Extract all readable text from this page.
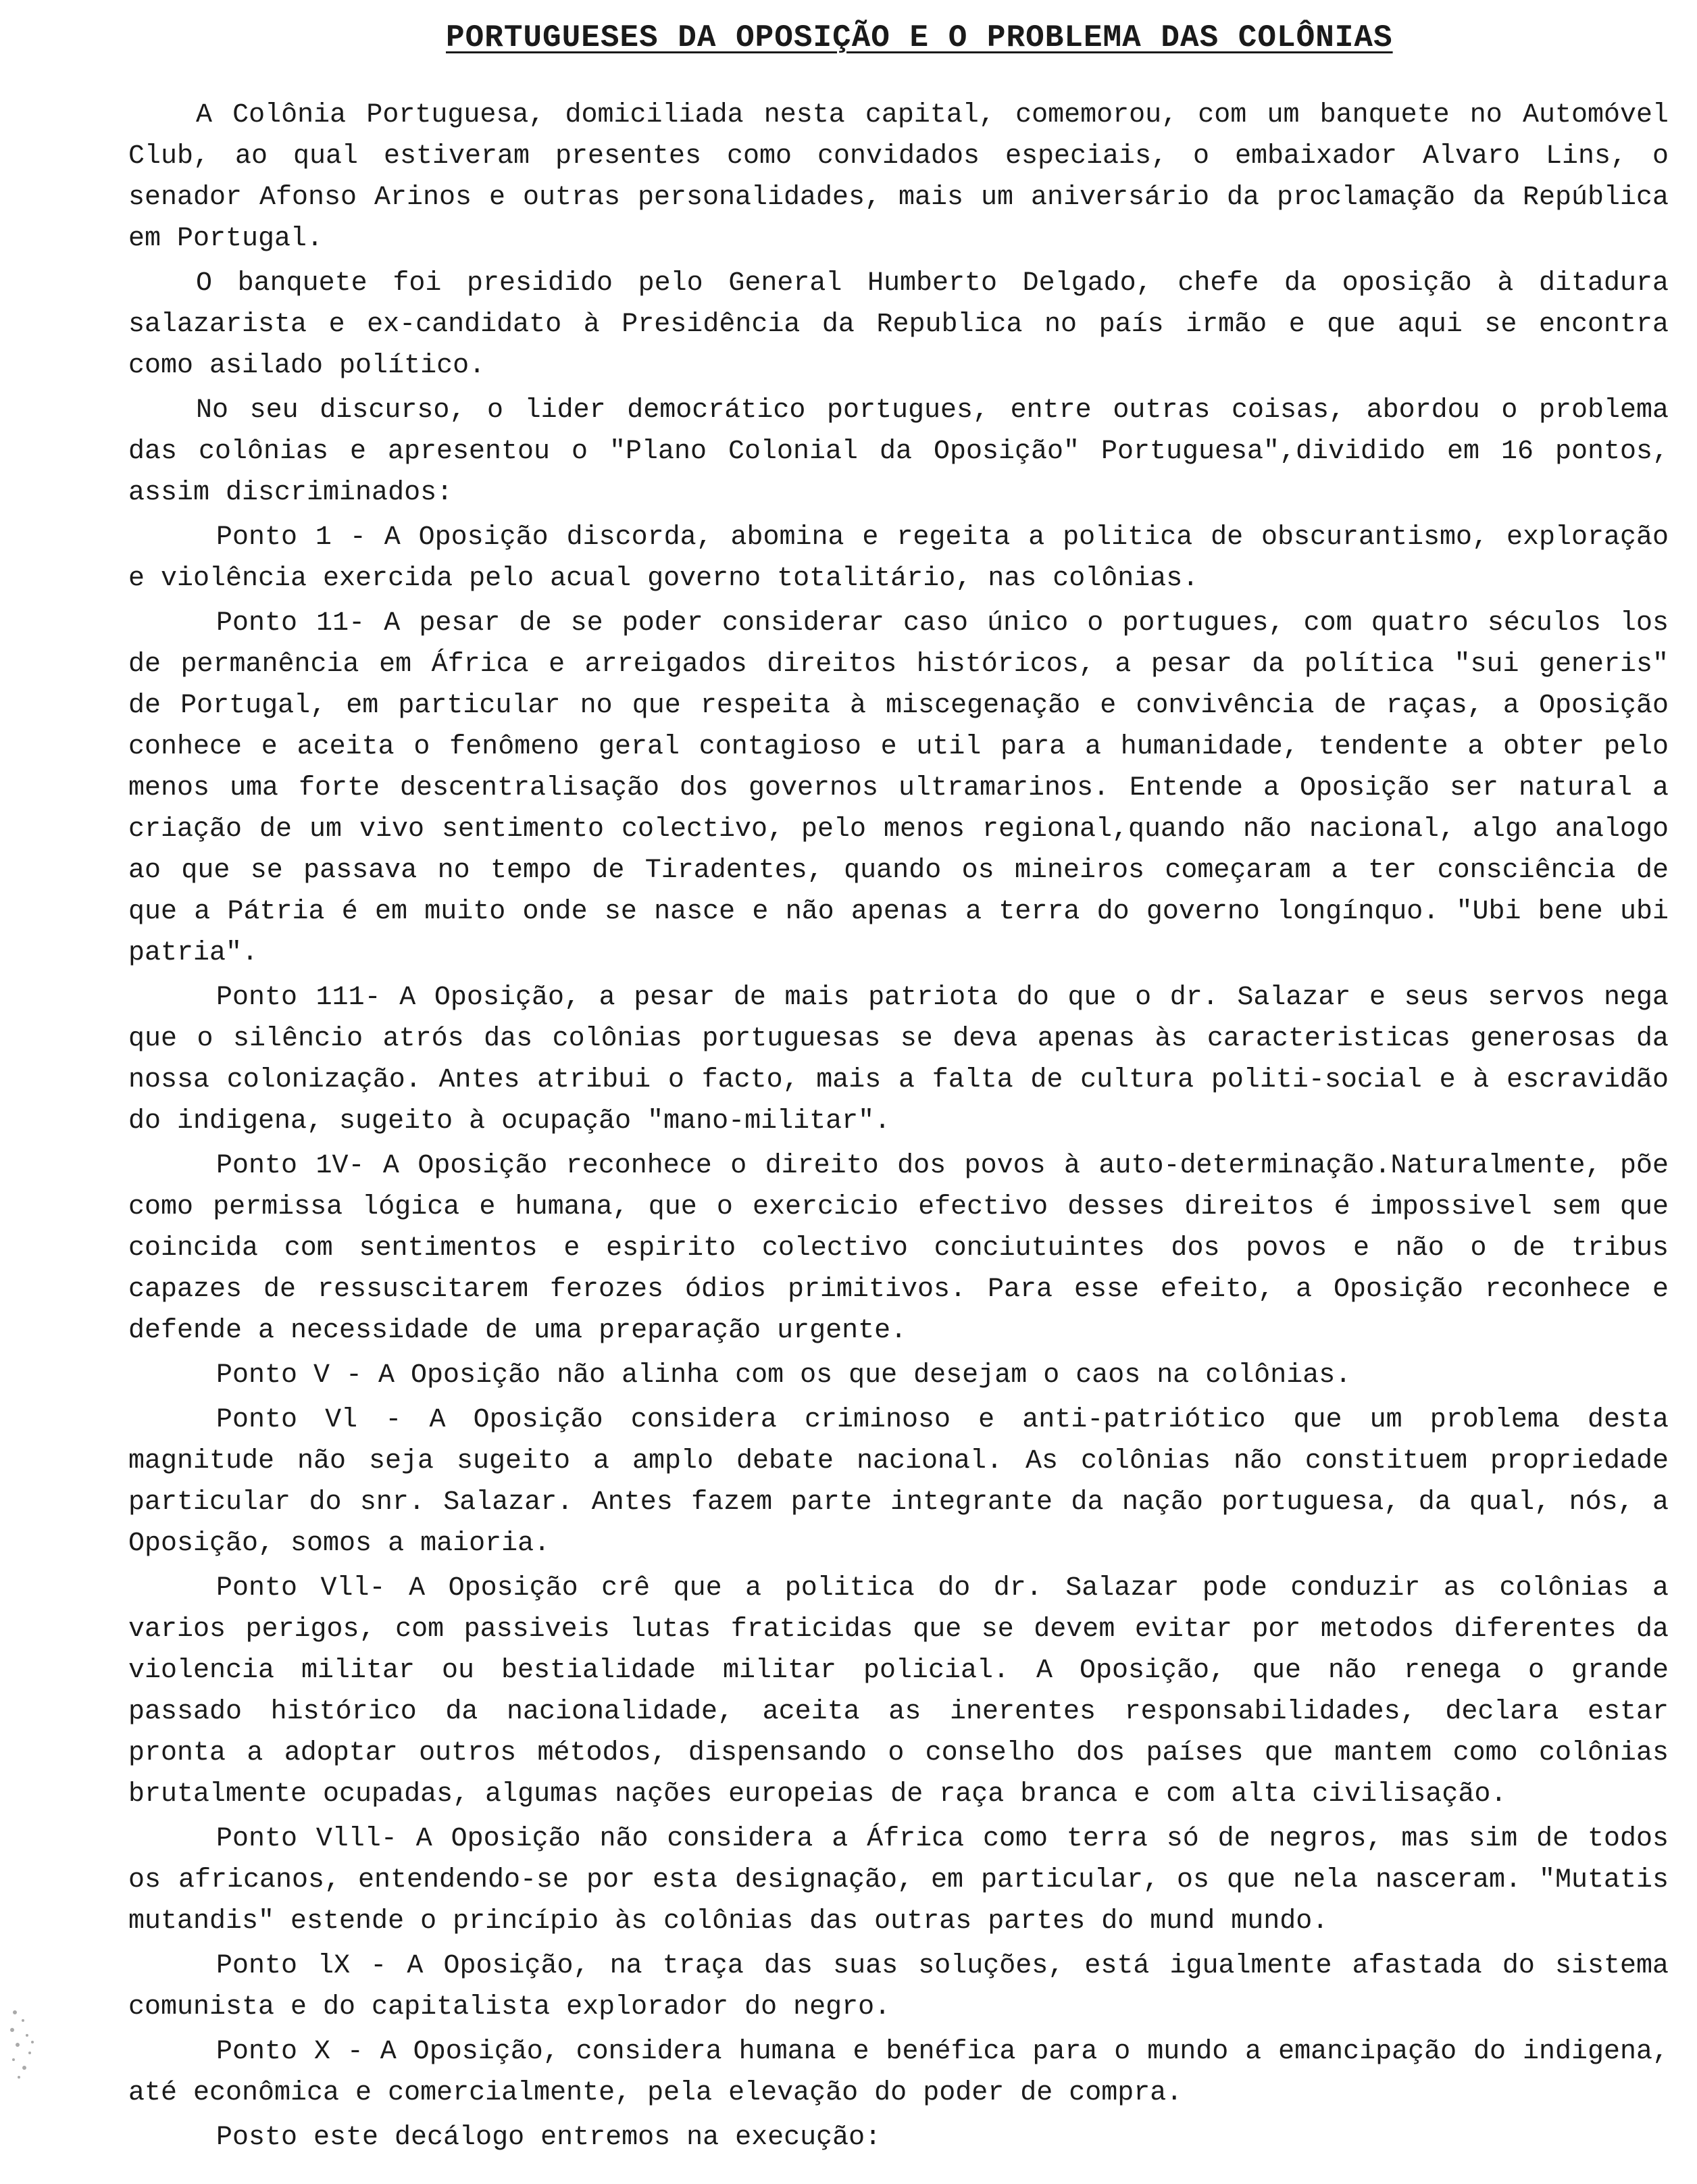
PORTUGUESES DA OPOSIÇÃO E O PROBLEMA DAS COLÔNIAS

A Colônia Portuguesa, domiciliada nesta capital, comemorou, com um banquete no Automóvel Club, ao qual estiveram presentes como convidados especiais, o embaixador Alvaro Lins, o senador Afonso Arinos e outras personalidades, mais um aniversário da proclamação da República em Portugal.

O banquete foi presidido pelo General Humberto Delgado, chefe da oposição à ditadura salazarista e ex-candidato à Presidência da Republica no país irmão e que aqui se encontra como asilado político.

No seu discurso, o lider democrático portugues, entre outras coisas, abordou o problema das colônias e apresentou o "Plano Colonial da Oposição" Portuguesa",dividido em 16 pontos, assim discriminados:

Ponto 1 - A Oposição discorda, abomina e regeita a politica de obscurantismo, exploração e violência exercida pelo acual governo totalitário, nas colônias.

Ponto 11- A pesar de se poder considerar caso único o portugues, com quatro séculos los de permanência em África e arreigados direitos históricos, a pesar da política "sui generis" de Portugal, em particular no que respeita à miscegenação e convivência de raças, a Oposição conhece e aceita o fenômeno geral contagioso e util para a humanidade, tendente a obter pelo menos uma forte descentralisação dos governos ultramarinos. Entende a Oposição ser natural a criação de um vivo sentimento colectivo, pelo menos regional,quando não nacional, algo analogo ao que se passava no tempo de Tiradentes, quando os mineiros começaram a ter consciência de que a Pátria é em muito onde se nasce e não apenas a terra do governo longínquo. "Ubi bene ubi patria".

Ponto 111- A Oposição, a pesar de mais patriota do que o dr. Salazar e seus servos nega que o silêncio atrós das colônias portuguesas se deva apenas às caracteristicas generosas da nossa colonização. Antes atribui o facto, mais a falta de cultura politi-social e à escravidão do indigena, sugeito à ocupação "mano-militar".

Ponto 1V- A Oposição reconhece o direito dos povos à auto-determinação.Naturalmente, põe como permissa lógica e humana, que o exercicio efectivo desses direitos é impossivel sem que coincida com sentimentos e espirito colectivo conciutuintes dos povos e não o de tribus capazes de ressuscitarem ferozes ódios primitivos. Para esse efeito, a Oposição reconhece e defende a necessidade de uma preparação urgente.

Ponto V - A Oposição não alinha com os que desejam o caos na colônias.

Ponto Vl - A Oposição considera criminoso e anti-patriótico que um problema desta magnitude não seja sugeito a amplo debate nacional. As colônias não constituem propriedade particular do snr. Salazar. Antes fazem parte integrante da nação portuguesa, da qual, nós, a Oposição, somos a maioria.

Ponto Vll- A Oposição crê que a politica do dr. Salazar pode conduzir as colônias a varios perigos, com passiveis lutas fraticidas que se devem evitar por metodos diferentes da violencia militar ou bestialidade militar policial. A Oposição, que não renega o grande passado histórico da nacionalidade, aceita as inerentes responsabilidades, declara estar pronta a adoptar outros métodos, dispensando o conselho dos países que mantem como colônias brutalmente ocupadas, algumas nações europeias de raça branca e com alta civilisação.

Ponto Vlll- A Oposição não considera a África como terra só de negros, mas sim de todos os africanos, entendendo-se por esta designação, em particular, os que nela nasceram. "Mutatis mutandis" estende o princípio às colônias das outras partes do mund mundo.

Ponto lX - A Oposição, na traça das suas soluções, está igualmente afastada do sistema comunista e do capitalista explorador do negro.

Ponto X - A Oposição, considera humana e benéfica para o mundo a emancipação do indigena, até econômica e comercialmente, pela elevação do poder de compra.

Posto este decálogo entremos na execução:
